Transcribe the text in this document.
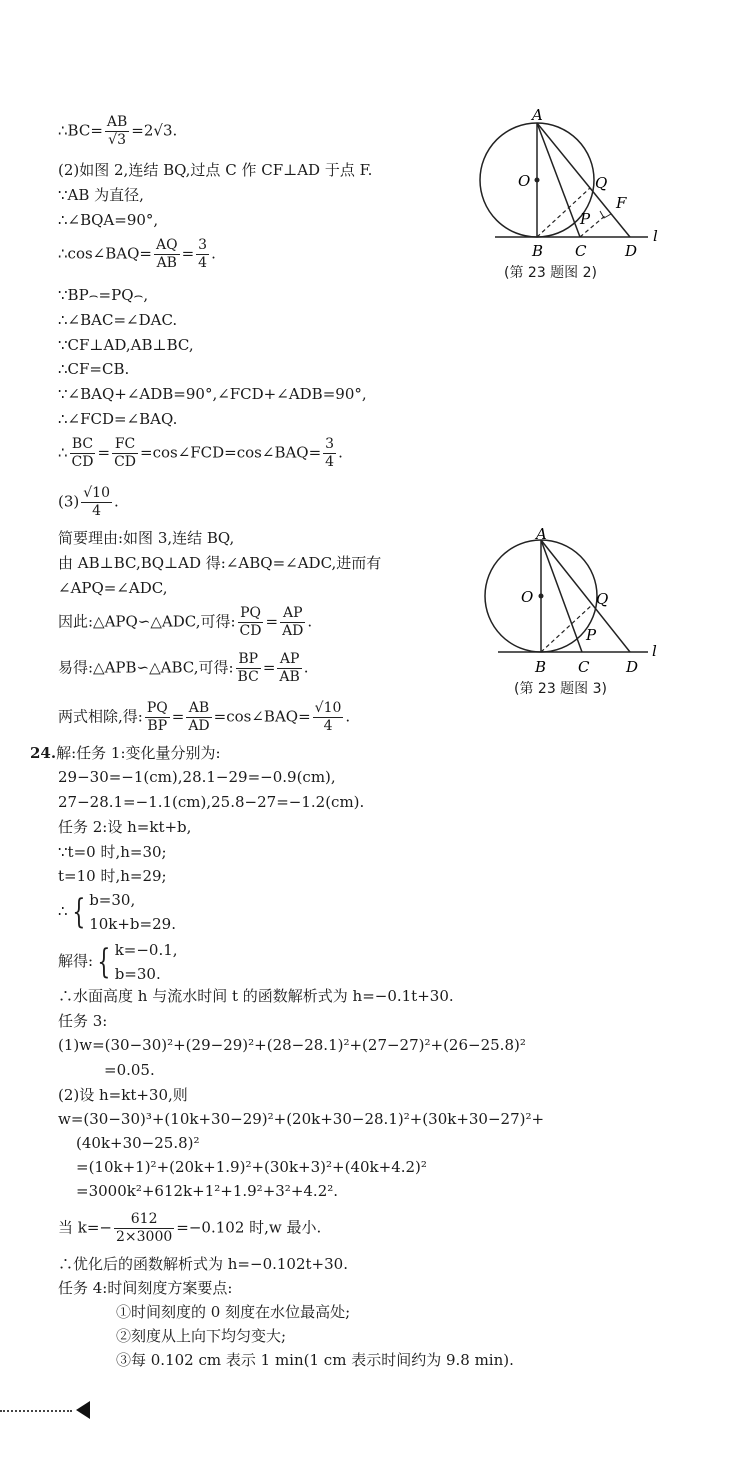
∴BC= $\frac{AB}{√3} =2√3$.
(2)如图 2,连结 BQ,过点 C 作 CF⊥AD 于点 F.
∵AB 为直径,
∴∠BQA=90°,
∴cos∠BAQ= $\frac{AQ}{AB} = \frac{3}{4}$ .
∵BP⌢=PQ⌢,
∴∠BAC=∠DAC.
∵CF⊥AD,AB⊥BC,
∴CF=CB.
∵∠BAQ+∠ADB=90°,∠FCD+∠ADB=90°,
∴∠FCD=∠BAQ.
∴ $\frac{BC}{CD} = \frac{FC}{CD}$ =cos∠FCD=cos∠BAQ= $\frac{3}{4}$ .
$(3) \frac{√10}{4}$ .
简要理由:如图 3,连结 BQ,
由 AB⊥BC,BQ⊥AD 得:∠ABQ=∠ADC,进而有
∠APQ=∠ADC,
因此:△APQ∽△ADC,可得: $\frac{PQ}{CD} = \frac{AP}{AD}$ .
易得:△APB∽△ABC,可得: $\frac{BP}{BC} = \frac{AP}{AB}$ .
两式相除,得: $\frac{PQ}{BP} = \frac{AB}{AD}$ =cos∠BAQ= $\frac{√10}{4}$ .
24.解:任务 1:变化量分别为:
29−30=−1(cm),28.1−29=−0.9(cm),
27−28.1=−1.1(cm),25.8−27=−1.2(cm).
任务 2:设 h=kt+b,
∵t=0 时,h=30;
t=10 时,h=29;
∴ { b=30,
10k+b=29.
解得: { k=−0.1,
b=30.
∴水面高度 h 与流水时间 t 的函数解析式为 h=−0.1t+30.
任务 3:
(1)w=(30−30)²+(29−29)²+(28−28.1)²+(27−27)²+(26−25.8)²
=0.05.
(2)设 h=kt+30,则
w=(30−30)³+(10k+30−29)²+(20k+30−28.1)²+(30k+30−27)²+
(40k+30−25.8)²
=(10k+1)²+(20k+1.9)²+(30k+3)²+(40k+4.2)²
=3000k²+612k+1²+1.9²+3²+4.2².
当 $k=- \frac{612}{2\times 3000} =-0.102$ 时,w 最小.
∴优化后的函数解析式为 h=−0.102t+30.
任务 4:时间刻度方案要点:
①时间刻度的 0 刻度在水位最高处;
②刻度从上向下均匀变大;
③每 0.102 cm 表示 1 min(1 cm 表示时间约为 9.8 min).
A
O	Q
F
P
B C	D
l
(第 23 题图 2)
A
O	Q
P
B C D
l
(第 23 题图 3)
